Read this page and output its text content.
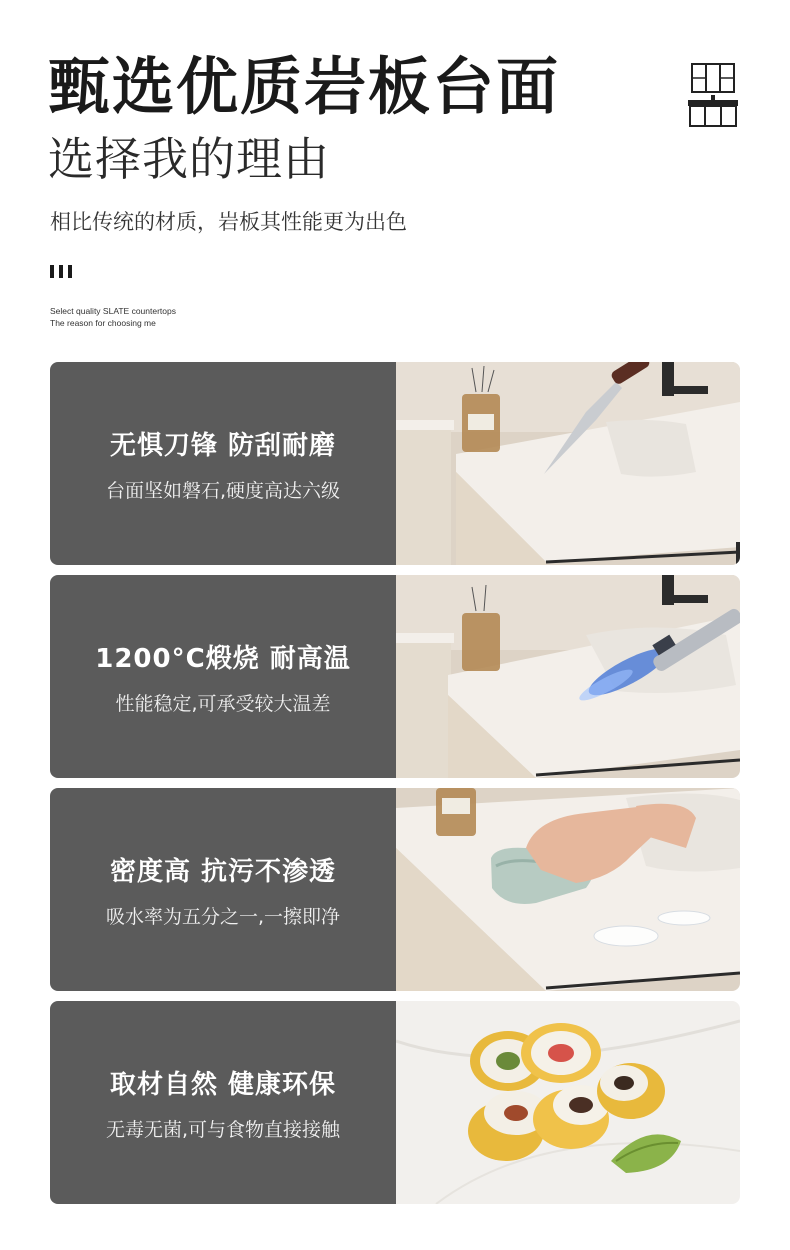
甄选优质岩板台面
选择我的理由

相比传统的材质，岩板其性能更为出色

Select quality SLATE countertops
The reason for choosing me
无惧刀锋 防刮耐磨
台面坚如磐石,硬度高达六级
1200°C煅烧 耐高温
性能稳定,可承受较大温差
密度高 抗污不渗透
吸水率为五分之一,一擦即净
取材自然 健康环保
无毒无菌,可与食物直接接触
